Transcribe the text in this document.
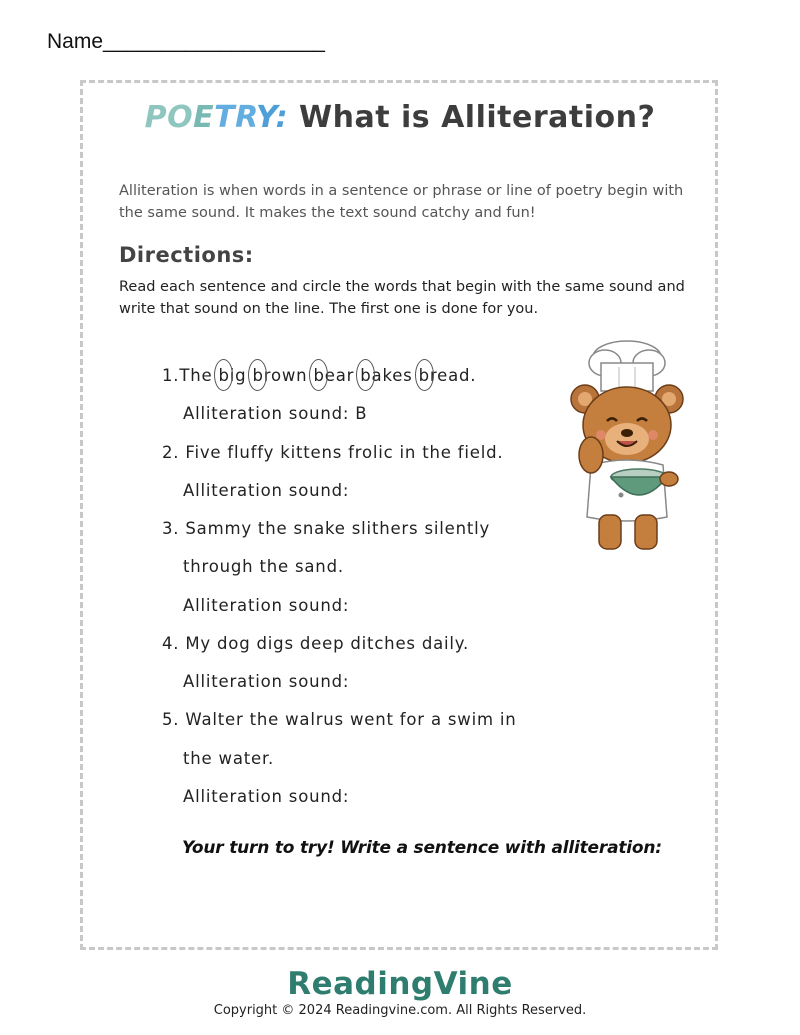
Name___________________
POETRY: What is Alliteration?
Alliteration is when words in a sentence or phrase or line of poetry begin with the same sound. It makes the text sound catchy and fun!
Directions:
Read each sentence and circle the words that begin with the same sound and write that sound on the line. The first one is done for you.
1.The b
ig b
rown b
ear b
akes b
read.
Alliteration sound: B
2. Five fluffy kittens frolic in the field.
Alliteration sound:
3. Sammy the snake slithers silently
through the sand.
Alliteration sound:
4. My dog digs deep ditches daily.
Alliteration sound:
5. Walter the walrus went for a swim in
the water.
Alliteration sound:
Your turn to try! Write a sentence with alliteration:
ReadingVine
Copyright © 2024 Readingvine.com. All Rights Reserved.
